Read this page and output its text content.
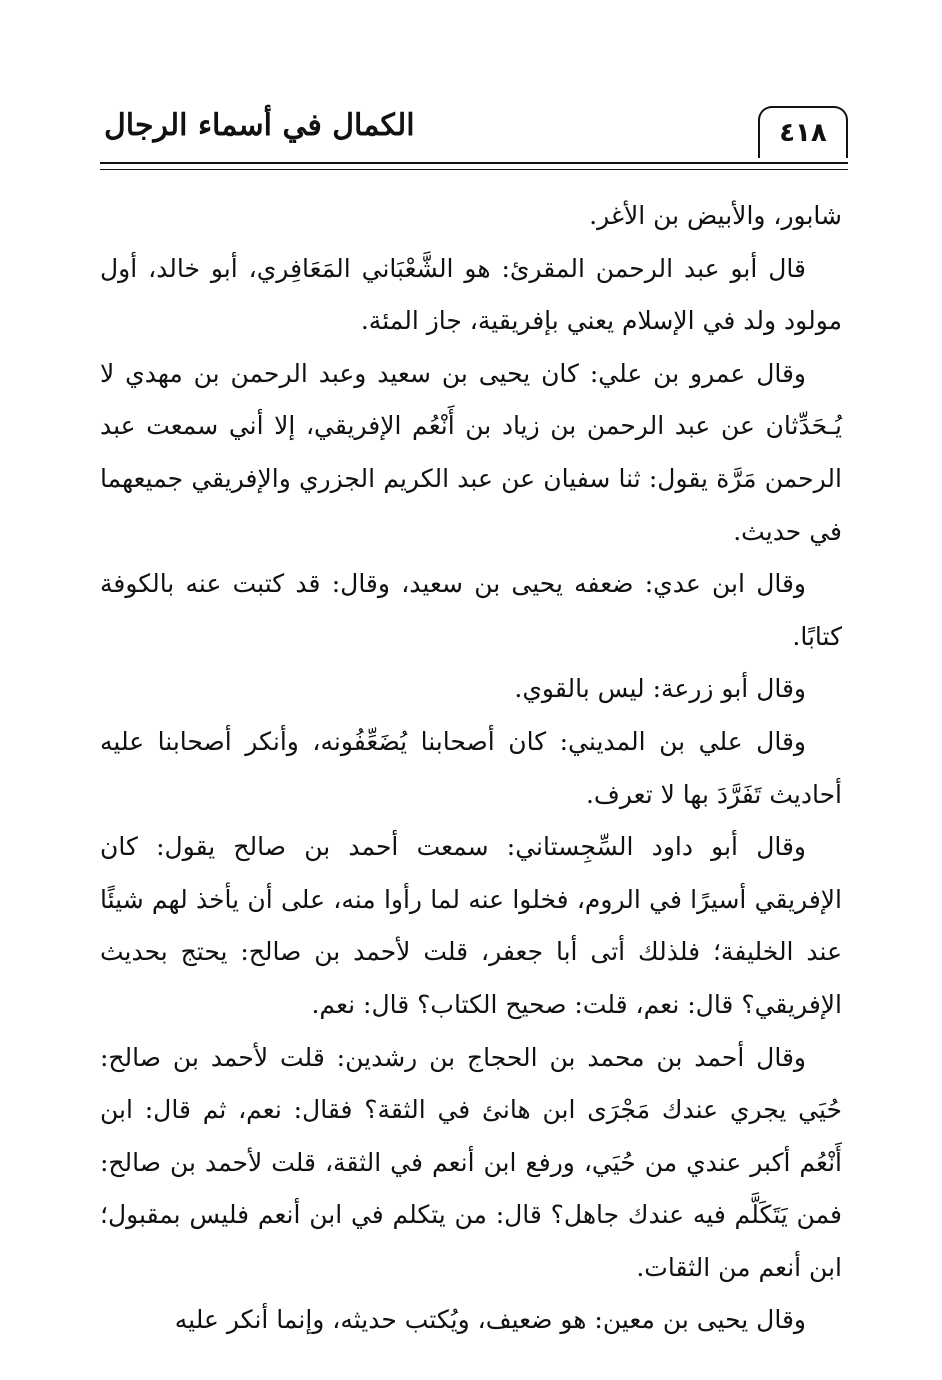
الكمال في أسماء الرجال	٤١٨

شابور، والأبيض بن الأغر.

قال أبو عبد الرحمن المقرئ: هو الشَّعْبَاني المَعَافِري، أبو خالد، أول مولود ولد في الإسلام يعني بإفريقية، جاز المئة.

وقال عمرو بن علي: كان يحيى بن سعيد وعبد الرحمن بن مهدي لا يُـحَدِّثان عن عبد الرحمن بن زياد بن أَنْعُم الإفريقي، إلا أني سمعت عبد الرحمن مَرَّة يقول: ثنا سفيان عن عبد الكريم الجزري والإفريقي جميعهما في حديث.

وقال ابن عدي: ضعفه يحيى بن سعيد، وقال: قد كتبت عنه بالكوفة كتابًا.

وقال أبو زرعة: ليس بالقوي.

وقال علي بن المديني: كان أصحابنا يُضَعِّفُونه، وأنكر أصحابنا عليه أحاديث تَفَرَّدَ بها لا تعرف.

وقال أبو داود السِّجِستاني: سمعت أحمد بن صالح يقول: كان الإفريقي أسيرًا في الروم، فخلوا عنه لما رأوا منه، على أن يأخذ لهم شيئًا عند الخليفة؛ فلذلك أتى أبا جعفر، قلت لأحمد بن صالح: يحتج بحديث الإفريقي؟ قال: نعم، قلت: صحيح الكتاب؟ قال: نعم.

وقال أحمد بن محمد بن الحجاج بن رشدين: قلت لأحمد بن صالح: حُيَي يجري عندك مَجْرَى ابن هانئ في الثقة؟ فقال: نعم، ثم قال: ابن أَنْعُم أكبر عندي من حُيَي، ورفع ابن أنعم في الثقة، قلت لأحمد بن صالح: فمن يَتَكَلَّم فيه عندك جاهل؟ قال: من يتكلم في ابن أنعم فليس بمقبول؛ ابن أنعم من الثقات.

وقال يحيى بن معين: هو ضعيف، ويُكتب حديثه، وإنما أنكر عليه
